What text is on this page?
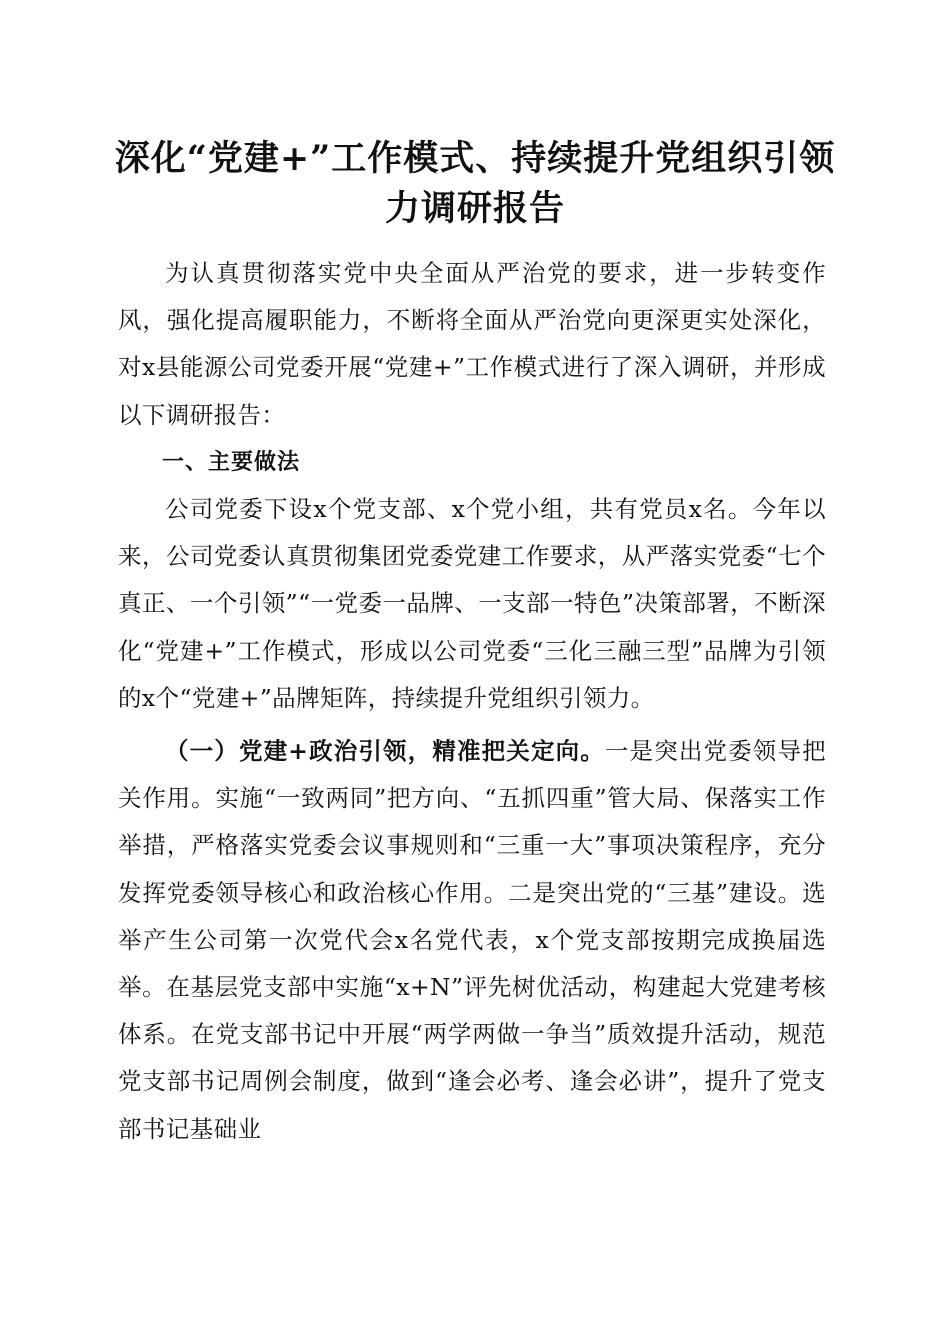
深化“党建+”工作模式、持续提升党组织引领力调研报告

为认真贯彻落实党中央全面从严治党的要求，进一步转变作风，强化提高履职能力，不断将全面从严治党向更深更实处深化，对x县能源公司党委开展“党建+”工作模式进行了深入调研，并形成以下调研报告：

一、主要做法

公司党委下设x个党支部、x个党小组，共有党员x名。今年以来，公司党委认真贯彻集团党委党建工作要求，从严落实党委“七个真正、一个引领”“一党委一品牌、一支部一特色”决策部署，不断深化“党建+”工作模式，形成以公司党委“三化三融三型”品牌为引领的x个“党建+”品牌矩阵，持续提升党组织引领力。

（一）党建+政治引领，精准把关定向。一是突出党委领导把关作用。实施“一致两同”把方向、“五抓四重”管大局、保落实工作举措，严格落实党委会议事规则和“三重一大”事项决策程序，充分发挥党委领导核心和政治核心作用。二是突出党的“三基”建设。选举产生公司第一次党代会x名党代表，x个党支部按期完成换届选举。在基层党支部中实施“x+N”评先树优活动，构建起大党建考核体系。在党支部书记中开展“两学两做一争当”质效提升活动，规范党支部书记周例会制度，做到“逢会必考、逢会必讲”，提升了党支部书记基础业
